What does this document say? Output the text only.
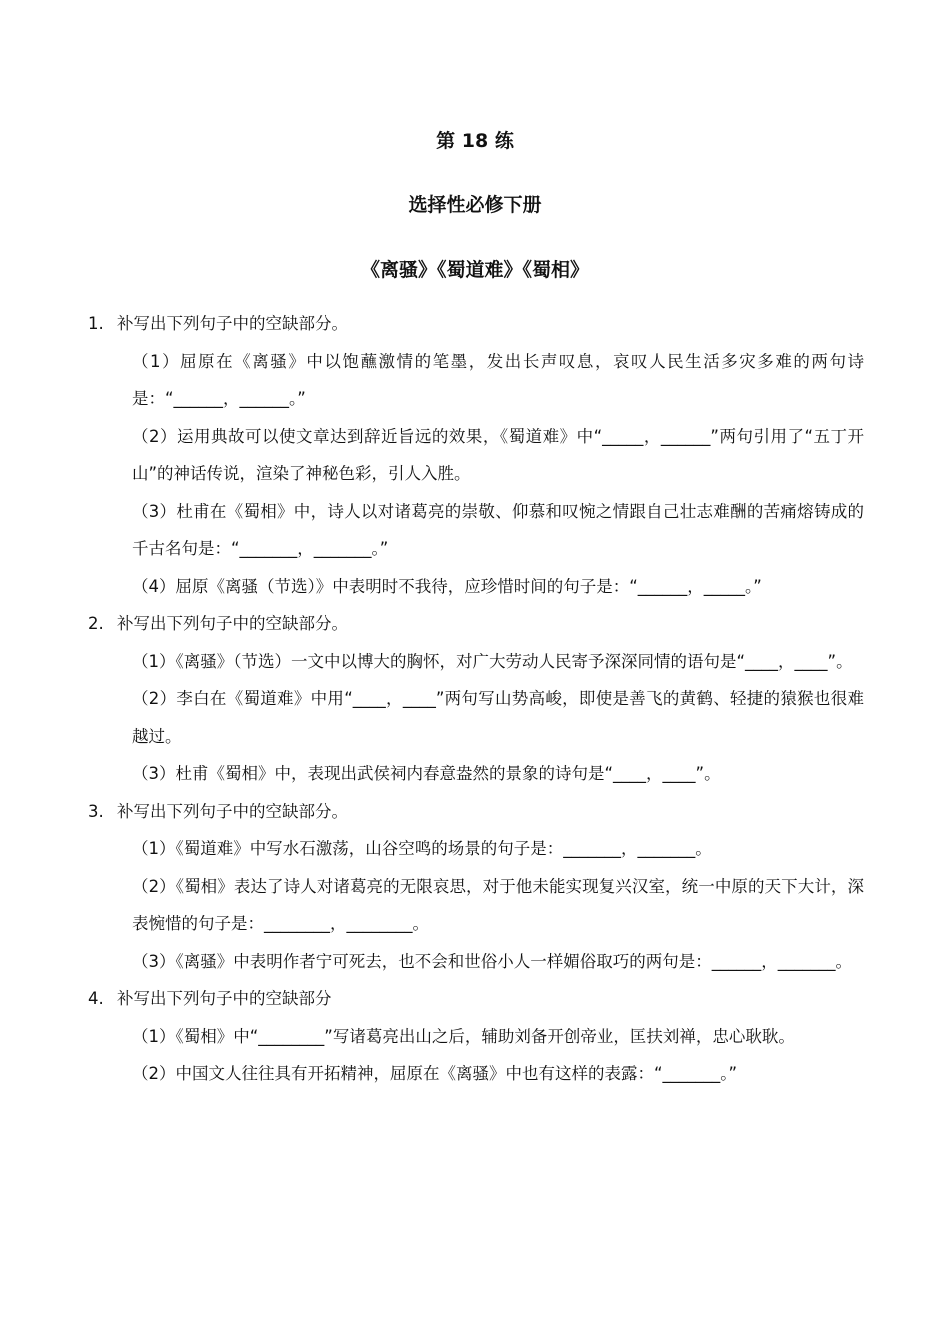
第 18 练
选择性必修下册
《离骚》《蜀道难》《蜀相》
1. 补写出下列句子中的空缺部分。

（1）屈原在《离骚》中以饱蘸激情的笔墨，发出长声叹息，哀叹人民生活多灾多难的两句诗是：“______，______。”

（2）运用典故可以使文章达到辞近旨远的效果，《蜀道难》中“_____，______”两句引用了“五丁开山”的神话传说，渲染了神秘色彩，引人入胜。

（3）杜甫在《蜀相》中，诗人以对诸葛亮的崇敬、仰慕和叹惋之情跟自己壮志难酬的苦痛熔铸成的千古名句是：“_______，_______。”

（4）屈原《离骚（节选）》中表明时不我待，应珍惜时间的句子是：“______，_____。”

2. 补写出下列句子中的空缺部分。

（1）《离骚》（节选）一文中以博大的胸怀，对广大劳动人民寄予深深同情的语句是“____，____”。

（2）李白在《蜀道难》中用“____，____”两句写山势高峻，即使是善飞的黄鹤、轻捷的猿猴也很难越过。

（3）杜甫《蜀相》中，表现出武侯祠内春意盎然的景象的诗句是“____，____”。

3. 补写出下列句子中的空缺部分。

（1）《蜀道难》中写水石激荡，山谷空鸣的场景的句子是：_______，_______。

（2）《蜀相》表达了诗人对诸葛亮的无限哀思，对于他未能实现复兴汉室，统一中原的天下大计，深表惋惜的句子是：________，________。

（3）《离骚》中表明作者宁可死去，也不会和世俗小人一样媚俗取巧的两句是：______，_______。

4. 补写出下列句子中的空缺部分

（1）《蜀相》中“________”写诸葛亮出山之后，辅助刘备开创帝业，匡扶刘禅，忠心耿耿。

（2）中国文人往往具有开拓精神，屈原在《离骚》中也有这样的表露：“_______。”
